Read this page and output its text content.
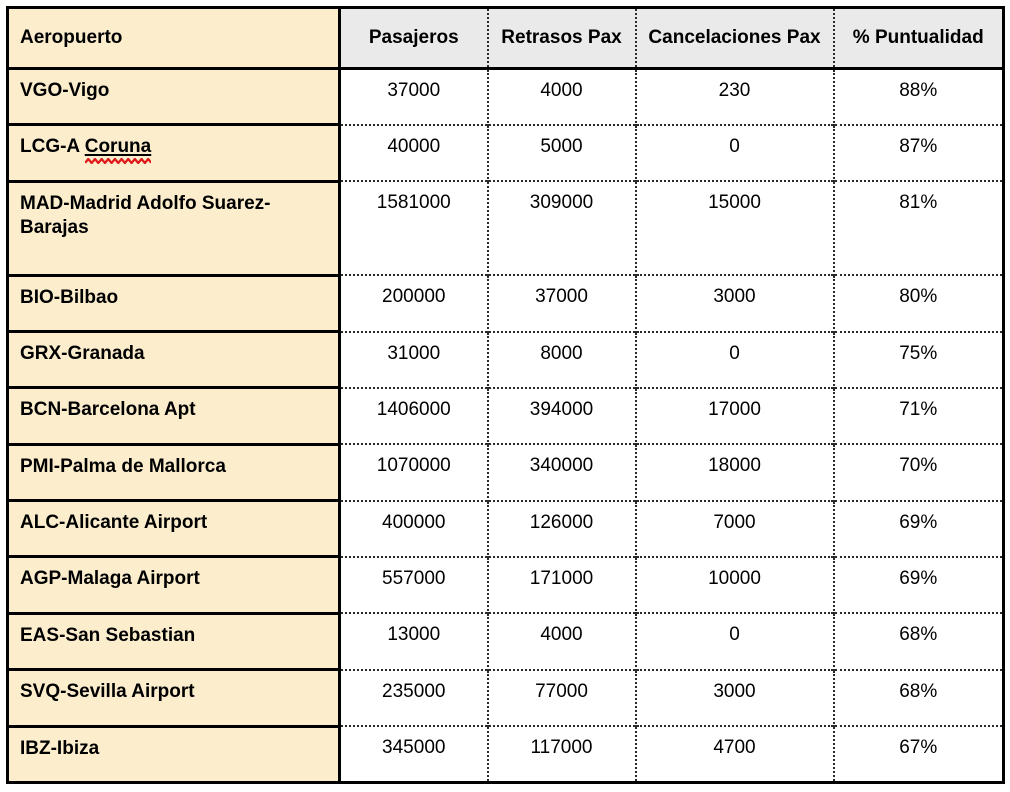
Aeropuerto	Pasajeros	Retrasos Pax	Cancelaciones Pax	% Puntualidad
VGO-Vigo	37000	4000	230	88%
LCG-A Coruna	40000	5000	0	87%
MAD-Madrid Adolfo Suarez-Barajas	1581000	309000	15000	81%
BIO-Bilbao	200000	37000	3000	80%
GRX-Granada	31000	8000	0	75%
BCN-Barcelona Apt	1406000	394000	17000	71%
PMI-Palma de Mallorca	1070000	340000	18000	70%
ALC-Alicante Airport	400000	126000	7000	69%
AGP-Malaga Airport	557000	171000	10000	69%
EAS-San Sebastian	13000	4000	0	68%
SVQ-Sevilla Airport	235000	77000	3000	68%
IBZ-Ibiza	345000	117000	4700	67%
